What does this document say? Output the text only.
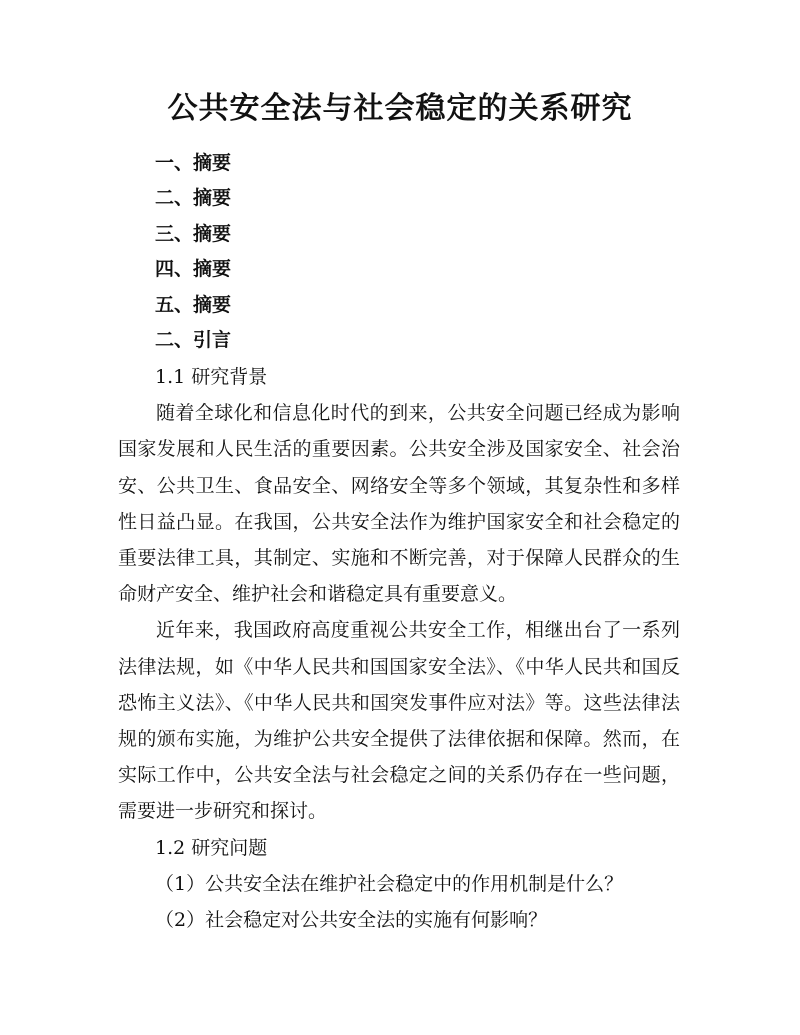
公共安全法与社会稳定的关系研究
一、摘要
二、摘要
三、摘要
四、摘要
五、摘要
二、引言
1.1 研究背景
随着全球化和信息化时代的到来，公共安全问题已经成为影响国家发展和人民生活的重要因素。公共安全涉及国家安全、社会治安、公共卫生、食品安全、网络安全等多个领域，其复杂性和多样性日益凸显。在我国，公共安全法作为维护国家安全和社会稳定的重要法律工具，其制定、实施和不断完善，对于保障人民群众的生命财产安全、维护社会和谐稳定具有重要意义。
近年来，我国政府高度重视公共安全工作，相继出台了一系列法律法规，如《中华人民共和国国家安全法》、《中华人民共和国反恐怖主义法》、《中华人民共和国突发事件应对法》等。这些法律法规的颁布实施，为维护公共安全提供了法律依据和保障。然而，在实际工作中，公共安全法与社会稳定之间的关系仍存在一些问题，需要进一步研究和探讨。
1.2 研究问题
（1）公共安全法在维护社会稳定中的作用机制是什么？
（2）社会稳定对公共安全法的实施有何影响？
